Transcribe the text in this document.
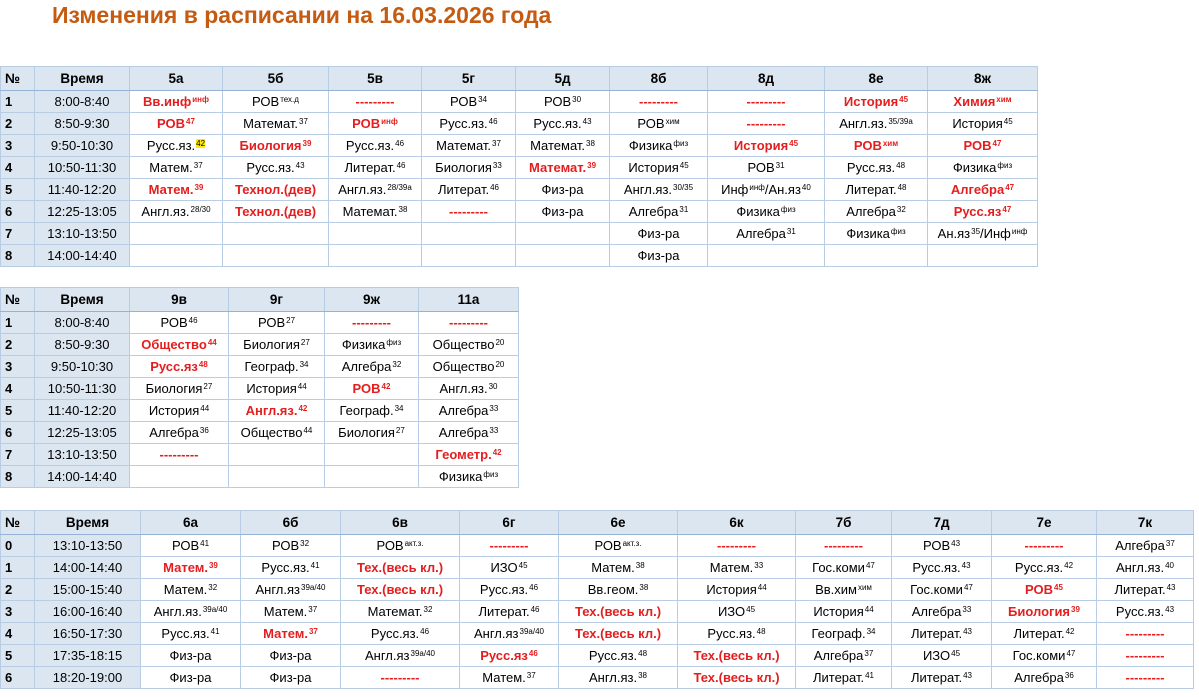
Изменения в расписании на 16.03.2026 года
№	Время	5а	5б	5в	5г	5д	8б	8д	8е	8ж
1	8:00-8:40	Вв.инф$^{инф}$	$РОВ^{тех.д}$	---------	РОВ$^{34}$	РОВ$^{30}$	---------	---------	История$^{45}$	Химия$^{хим}$
2	8:50-9:30	РОВ$^{47}$	Математ.$^{37}$	$РОВ^{инф}$	Русс.яз.$^{46}$	Русс.яз.$^{43}$	$РОВ^{хим}$	---------	Англ.яз.$^{35/39а}$	История$^{45}$
3	9:50-10:30	Русс.яз.$^{42}$	Биология$^{39}$	Русс.яз.$^{46}$	Математ.$^{37}$	Математ.$^{38}$	Физика$^{физ}$	История$^{45}$	$РОВ^{хим}$	РОВ$^{47}$
4	10:50-11:30	Матем.$^{37}$	Русс.яз.$^{43}$	Литерат.$^{46}$	Биология$^{33}$	Математ.$^{39}$	История$^{45}$	РОВ$^{31}$	Русс.яз.$^{48}$	Физика$^{физ}$
5	11:40-12:20	Матем.$^{39}$	Технол.(дев)	Англ.яз.$^{28/39а}$	Литерат.$^{46}$	Физ-ра	Англ.яз.$^{30/35}$	$Инф^{инф}/Ан.яз^{40}$	Литерат.$^{48}$	Алгебра$^{47}$
6	12:25-13:05	Англ.яз.$^{28/30}$	Технол.(дев)	Математ.$^{38}$	---------	Физ-ра	Алгебра$^{31}$	Физика$^{физ}$	Алгебра$^{32}$	$Русс.яз^{47}$
7	13:10-13:50						Физ-ра	Алгебра$^{31}$	Физика$^{физ}$	$Ан.яз^{35}/Инф^{инф}$
8	14:00-14:40						Физ-ра			
№	Время	9в	9г	9ж	11а
1	8:00-8:40	РОВ$^{46}$	РОВ$^{27}$	---------	---------
2	8:50-9:30	Общество$^{44}$	Биология$^{27}$	Физика$^{физ}$	Общество$^{20}$
3	9:50-10:30	$Русс.яз^{48}$	Географ.$^{34}$	Алгебра$^{32}$	Общество$^{20}$
4	10:50-11:30	Биология$^{27}$	История$^{44}$	РОВ$^{42}$	Англ.яз.$^{30}$
5	11:40-12:20	История$^{44}$	Англ.яз.$^{42}$	Географ.$^{34}$	Алгебра$^{33}$
6	12:25-13:05	Алгебра$^{36}$	Общество$^{44}$	Биология$^{27}$	Алгебра$^{33}$
7	13:10-13:50	---------			Геометр.$^{42}$
8	14:00-14:40				Физика$^{физ}$
№	Время	6а	6б	6в	6г	6е	6к	7б	7д	7е	7к
0	13:10-13:50	РОВ$^{41}$	РОВ$^{32}$	$РОВ^{акт.з.}$	---------	$РОВ^{акт.з.}$	---------	---------	РОВ$^{43}$	---------	Алгебра$^{37}$
1	14:00-14:40	Матем.$^{39}$	Русс.яз.$^{41}$	Тех.(весь кл.)	ИЗО$^{45}$	Матем.$^{38}$	Матем.$^{33}$	Гос.коми$^{47}$	Русс.яз.$^{43}$	Русс.яз.$^{42}$	Англ.яз.$^{40}$
2	15:00-15:40	Матем.$^{32}$	$Англ.яз^{39а/40}$	Тех.(весь кл.)	Русс.яз.$^{46}$	Вв.геом.$^{38}$	История$^{44}$	Вв.хим$^{хим}$	Гос.коми$^{47}$	РОВ$^{45}$	Литерат.$^{43}$
3	16:00-16:40	Англ.яз.$^{39а/40}$	Матем.$^{37}$	Математ.$^{32}$	Литерат.$^{46}$	Тех.(весь кл.)	ИЗО$^{45}$	История$^{44}$	Алгебра$^{33}$	Биология$^{39}$	Русс.яз.$^{43}$
4	16:50-17:30	Русс.яз.$^{41}$	Матем.$^{37}$	Русс.яз.$^{46}$	$Англ.яз^{39а/40}$	Тех.(весь кл.)	Русс.яз.$^{48}$	Географ.$^{34}$	Литерат.$^{43}$	Литерат.$^{42}$	---------
5	17:35-18:15	Физ-ра	Физ-ра	$Англ.яз^{39а/40}$	$Русс.яз^{46}$	Русс.яз.$^{48}$	Тех.(весь кл.)	Алгебра$^{37}$	ИЗО$^{45}$	Гос.коми$^{47}$	---------
6	18:20-19:00	Физ-ра	Физ-ра	---------	Матем.$^{37}$	Англ.яз.$^{38}$	Тех.(весь кл.)	Литерат.$^{41}$	Литерат.$^{43}$	Алгебра$^{36}$	---------
